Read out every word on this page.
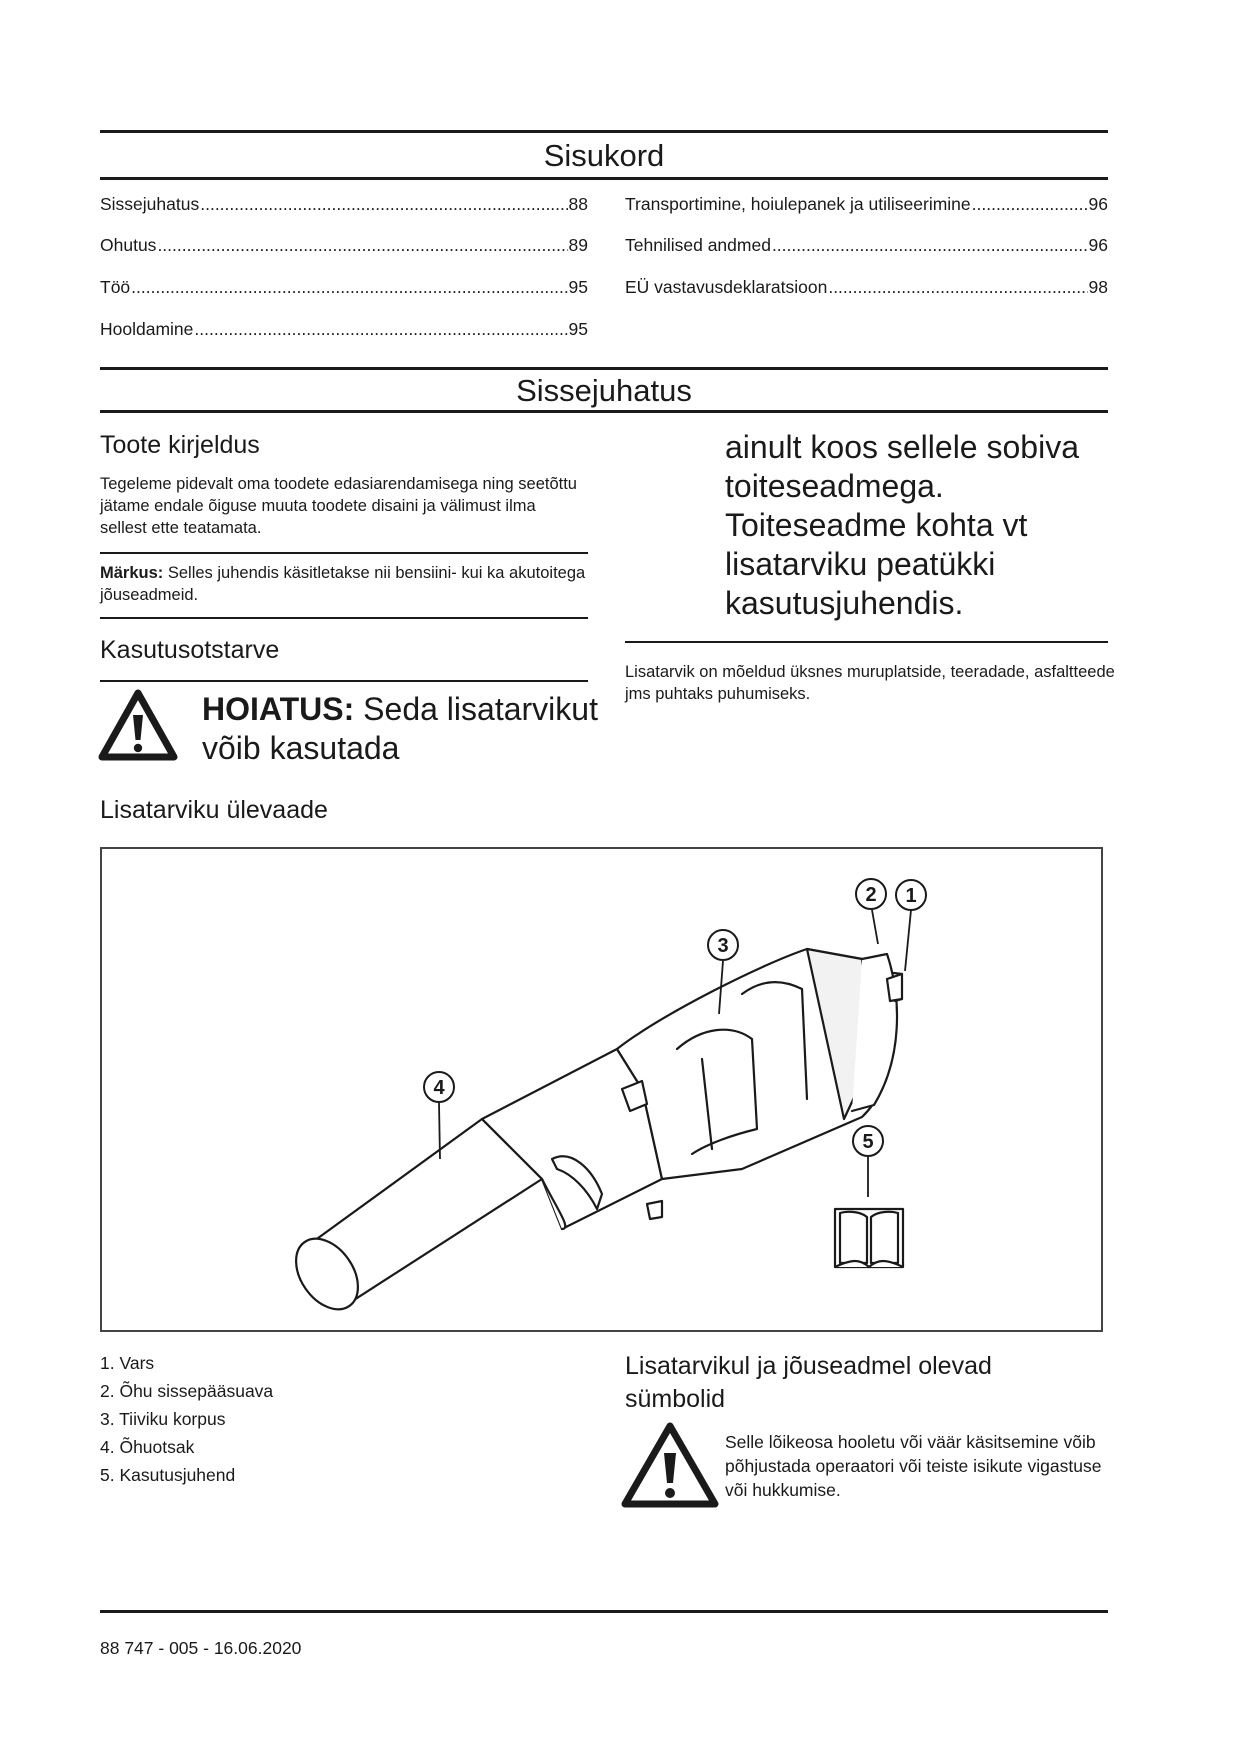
Sisukord
Sissejuhatus .....	88
Ohutus .....	89
Töö .....	95
Hooldamine .....	95
Transportimine, hoiulepanek ja utiliseerimine .....	96
Tehnilised andmed .....	96
EÜ vastavusdeklaratsioon .....	98
Sissejuhatus
Toote kirjeldus
Tegeleme pidevalt oma toodete edasiarendamisega ning seetõttu jätame endale õiguse muuta toodete disaini ja välimust ilma sellest ette teatamata.
Märkus: Selles juhendis käsitletakse nii bensiini- kui ka akutoitega jõuseadmeid.
Kasutusotstarve
HOIATUS: Seda lisatarvikut võib kasutada
Lisatarviku ülevaade
ainult koos sellele sobiva toiteseadmega. Toiteseadme kohta vt lisatarviku peatükki kasutusjuhendis.
Lisatarvik on mõeldud üksnes muruplatside, teeradade, asfaltteede jms puhtaks puhumiseks.
2 1
3
4
5
1. Vars
2. Õhu sissepääsuava
3. Tiiviku korpus
4. Õhuotsak
5. Kasutusjuhend
Lisatarvikul ja jõuseadmel olevad sümbolid
Selle lõikeosa hooletu või väär käsitsemine võib põhjustada operaatori või teiste isikute vigastuse või hukkumise.
88 747 - 005 - 16.06.2020
